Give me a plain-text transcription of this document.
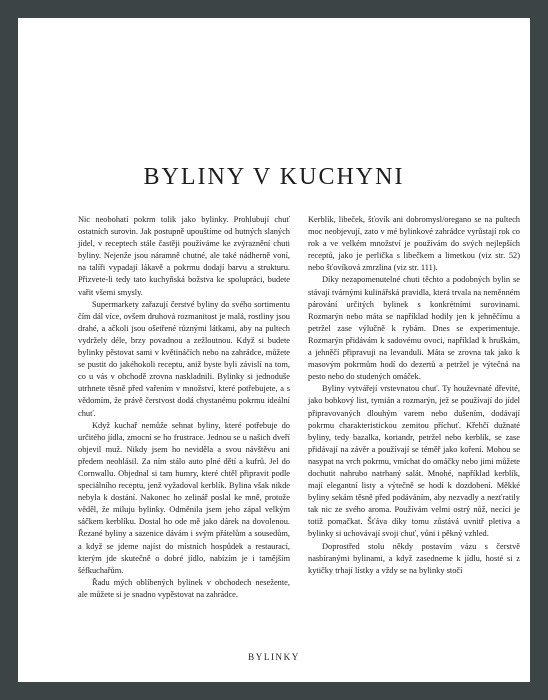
BYLINY V KUCHYNI

Nic neobohatí pokrm tolik jako bylinky. Prohlubují chuť ostatních surovin. Jak postupně upouštíme od hutných slaných jídel, v receptech stále častěji používáme ke zvýraznění chuti byliny. Nejenže jsou náramně chutné, ale také nádherně voní, na talíři vypadají lákavě a pokrmu dodají barvu a strukturu. Přizvete-li tedy tato kuchyňská božstva ke spolupráci, budete vařit všemi smysly.

Supermarkety zařazují čerstvé byliny do svého sortimentu čím dál více, ovšem druhová rozmanitost je malá, rostliny jsou drahé, a ačkoli jsou ošetřené různými látkami, aby na pultech vydržely déle, brzy povadnou a zežloutnou. Když si budete bylinky pěstovat sami v květináčích nebo na zahrádce, můžete se pustit do jakéhokoli receptu, aniž byste byli závislí na tom, co u vás v obchodě zrovna naskladnili. Bylinky si jednoduše utrhnete těsně před vařením v množství, které potřebujete, a s vědomím, že právě čerstvost dodá chystanému pokrmu ideální chuť.

Když kuchař nemůže sehnat byliny, které potřebuje do určitého jídla, zmocní se ho frustrace. Jednou se u našich dveří objevil muž. Nikdy jsem ho neviděla a svou návštěvu ani předem neohlásil. Za ním stálo auto plné dětí a kufrů. Jel do Cornwallu. Objednal si tam humry, které chtěl připravit podle speciálního receptu, jenž vyžadoval kerblík. Bylina však nikde nebyla k dostání. Nakonec ho zelinář poslal ke mně, protože věděl, že miluju bylinky. Odměnila jsem jeho zápal velkým sáčkem kerblíku. Dostal ho ode mě jako dárek na dovolenou. Řezané byliny a sazenice dávám i svým přátelům a sousedům, a když se jdeme najíst do místních hospůdek a restaurací, kterým jde skutečně o dobré jídlo, nabízím je i tamějším šéfkuchařům.

Řadu mých oblíbených bylinek v obchodech nesežente, ale můžete si je snadno vypěstovat na zahrádce.

Kerblík, libeček, šťovík ani dobromysl/oregano se na pultech moc neobjevují, zato v mé bylinkové zahrádce vyrůstají rok co rok a ve velkém množství je používám do svých nejlepších receptů, jako je perlička s libečkem a limetkou (viz str. 52) nebo šťovíková zmrzlina (viz str. 111).

Díky nezapomenutelné chuti těchto a podobných bylin se stávají tvárnými kulinářská pravidla, která trvala na neměnném párování určitých bylinek s konkrétními surovinami. Rozmarýn nebo máta se například hodily jen k jehněčímu a petržel zase výlučně k rybám. Dnes se experimentuje. Rozmarýn přidávám k sadovému ovoci, například k hruškám, a jehněčí připravuji na levanduli. Máta se zrovna tak jako k masovým pokrmům hodí do dezertů a petržel je výtečná na pesto nebo do studených omáček.

Byliny vytvářejí vrstevnatou chuť. Ty houževnaté dřevité, jako bobkový list, tymián a rozmarýn, jež se používají do jídel připravovaných dlouhým varem nebo dušením, dodávají pokrmu charakteristickou zemitou příchuť. Křehčí dužnaté byliny, tedy bazalka, koriandr, petržel nebo kerblík, se zase přidávají na závěr a používají se téměř jako koření. Mohou se nasypat na vrch pokrmu, vmíchat do omáčky nebo jimi můžete dochutit nahrubo natrhaný salát. Mnohé, například kerblík, mají elegantní listy a výtečně se hodí k dozdobení. Měkké byliny sekám těsně před podáváním, aby nezvadly a nezťratily tak nic ze svého aroma. Používám velmi ostrý nůž, necíci je totiž pomačkat. Šťáva díky tomu zůstává uvnitř pletiva a bylinky si uchovávají svoji chuť, vůni i pěkný vzhled.

Doprostřed stolu někdy postavím vázu s čerstvě nasbíranými bylinami, a když zasedneme k jídlu, hosté si z kytičky trhají lístky a vždy se na bylinky stočí

BYLINKY
